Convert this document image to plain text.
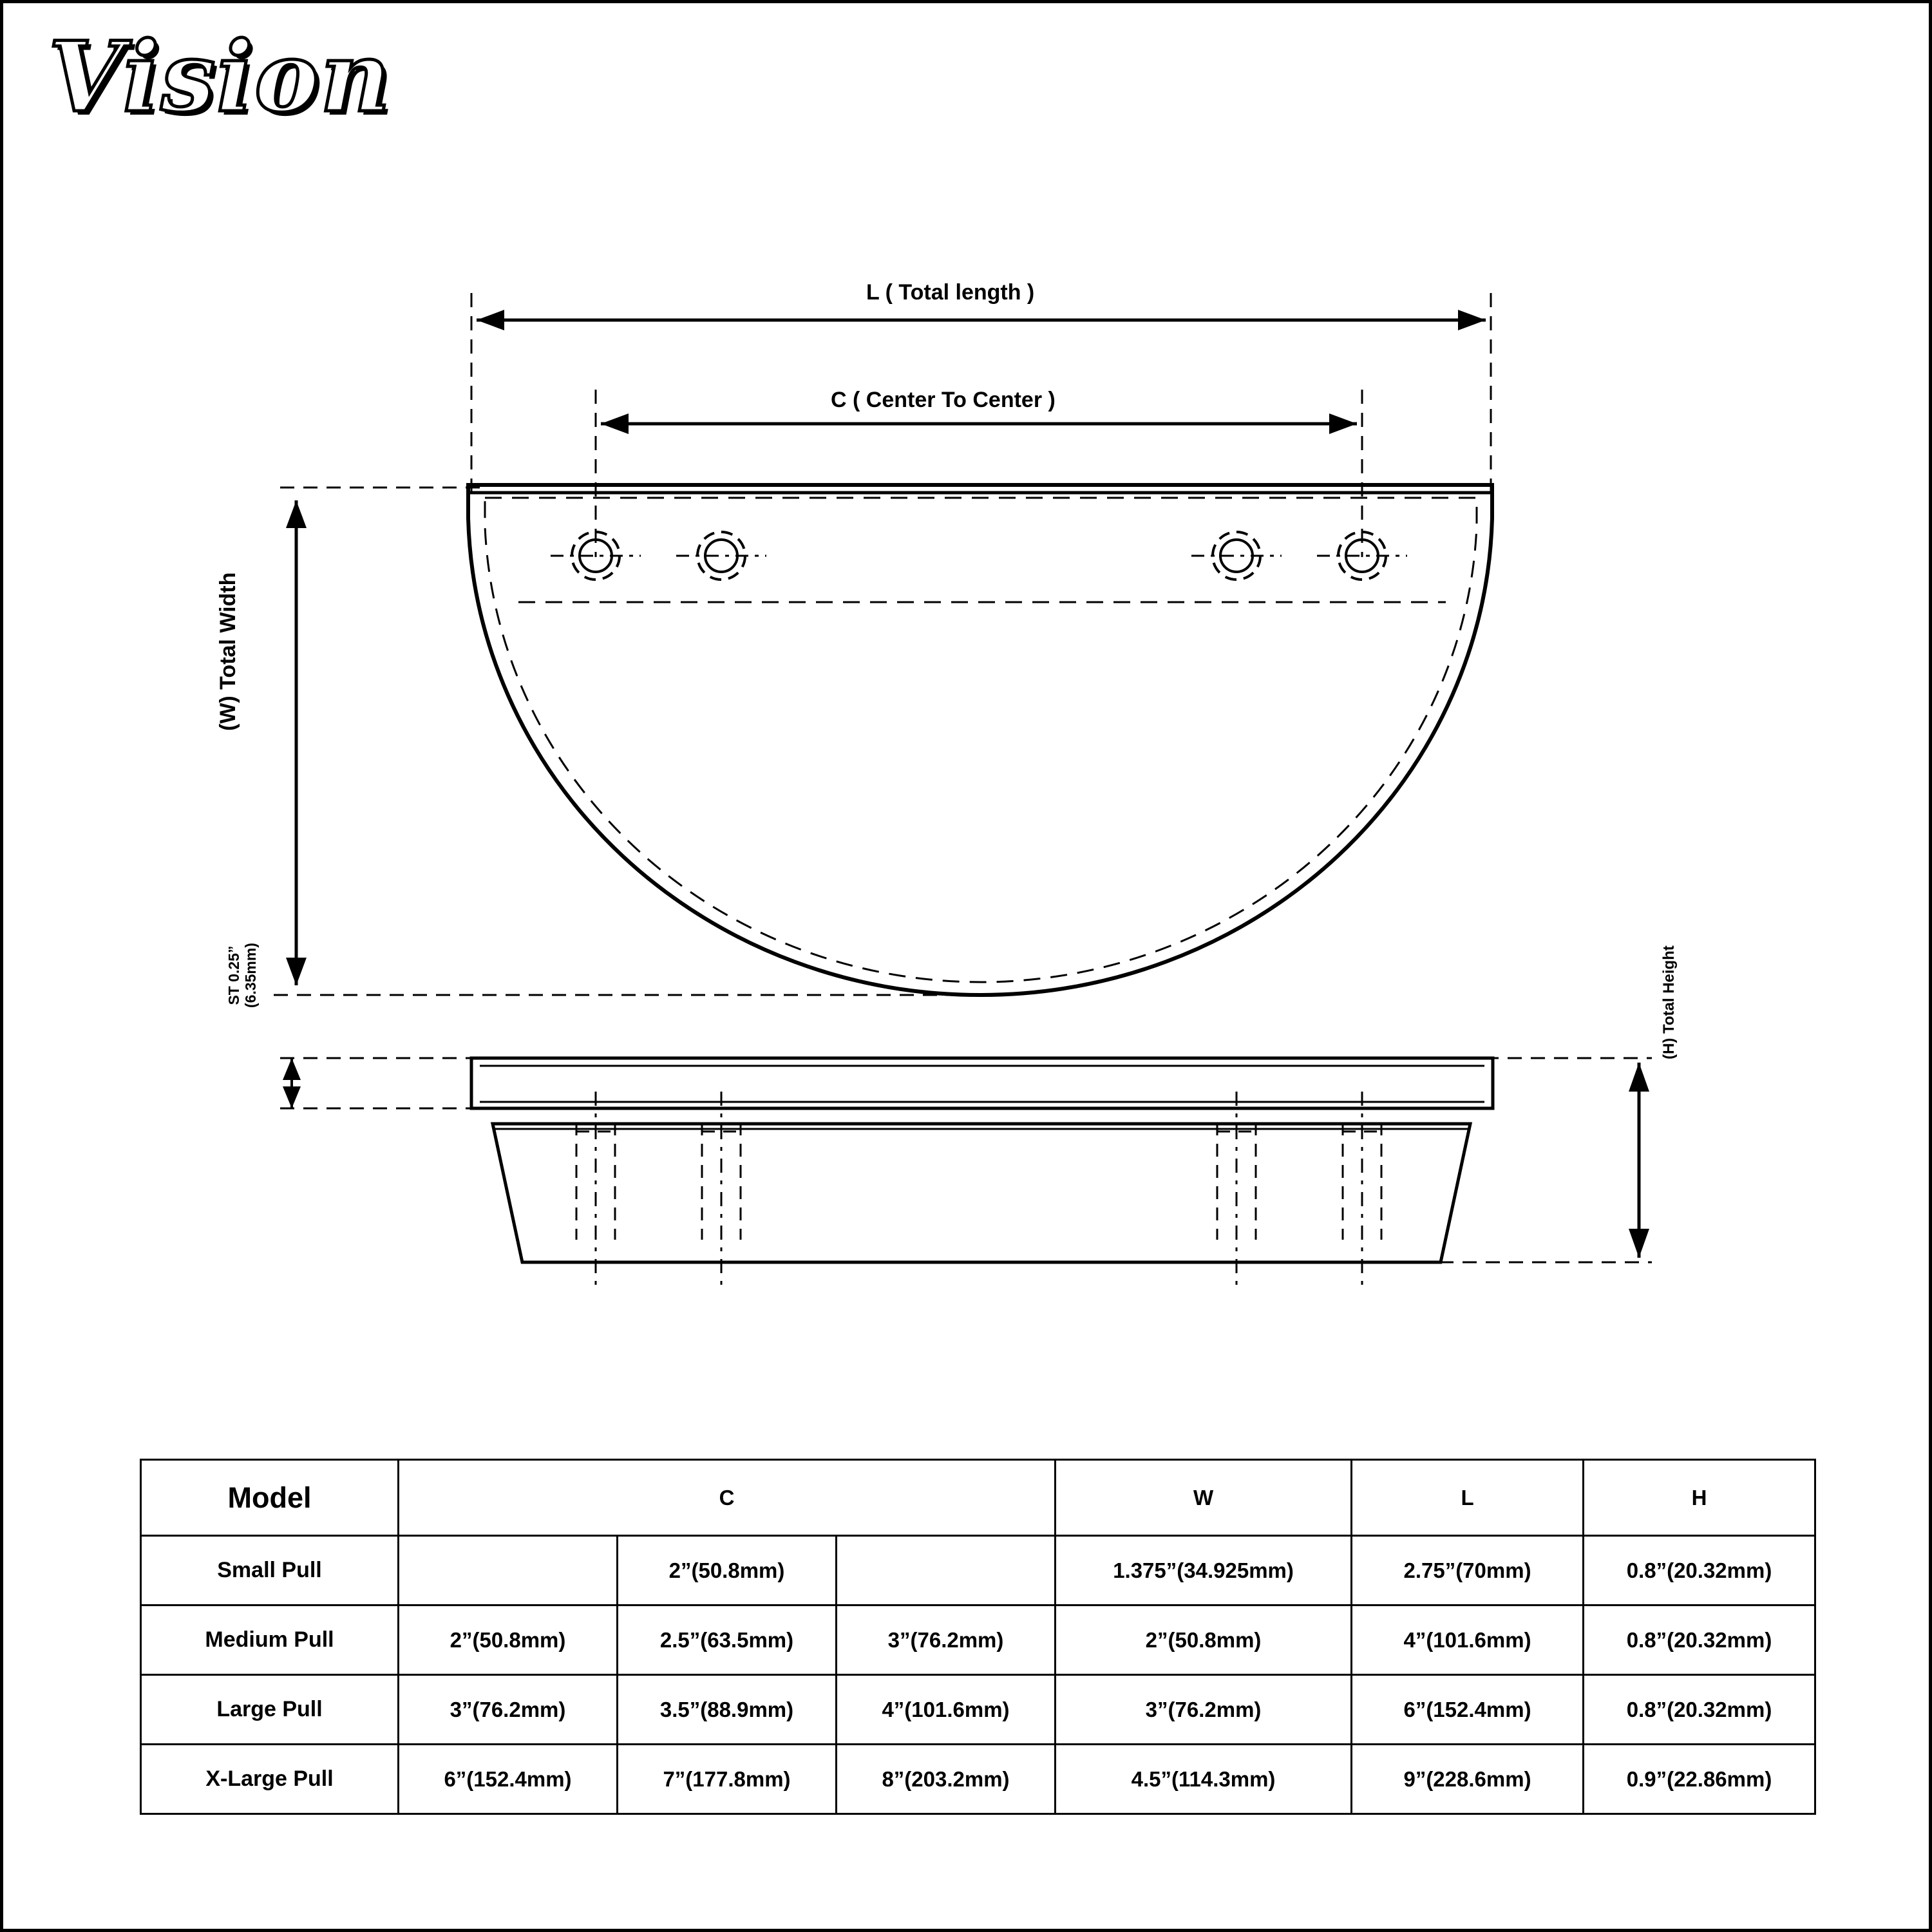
Vision
L ( Total length )
C ( Center To Center )
(W) Total Width
(H) Total Height
ST 0.25”
(6.35mm)
Model	C			W	L	H
Small Pull		2”(50.8mm)		1.375”(34.925mm)	2.75”(70mm)	0.8”(20.32mm)
Medium Pull	2”(50.8mm)	2.5”(63.5mm)	3”(76.2mm)	2”(50.8mm)	4”(101.6mm)	0.8”(20.32mm)
Large Pull	3”(76.2mm)	3.5”(88.9mm)	4”(101.6mm)	3”(76.2mm)	6”(152.4mm)	0.8”(20.32mm)
X-Large Pull	6”(152.4mm)	7”(177.8mm)	8”(203.2mm)	4.5”(114.3mm)	9”(228.6mm)	0.9”(22.86mm)
